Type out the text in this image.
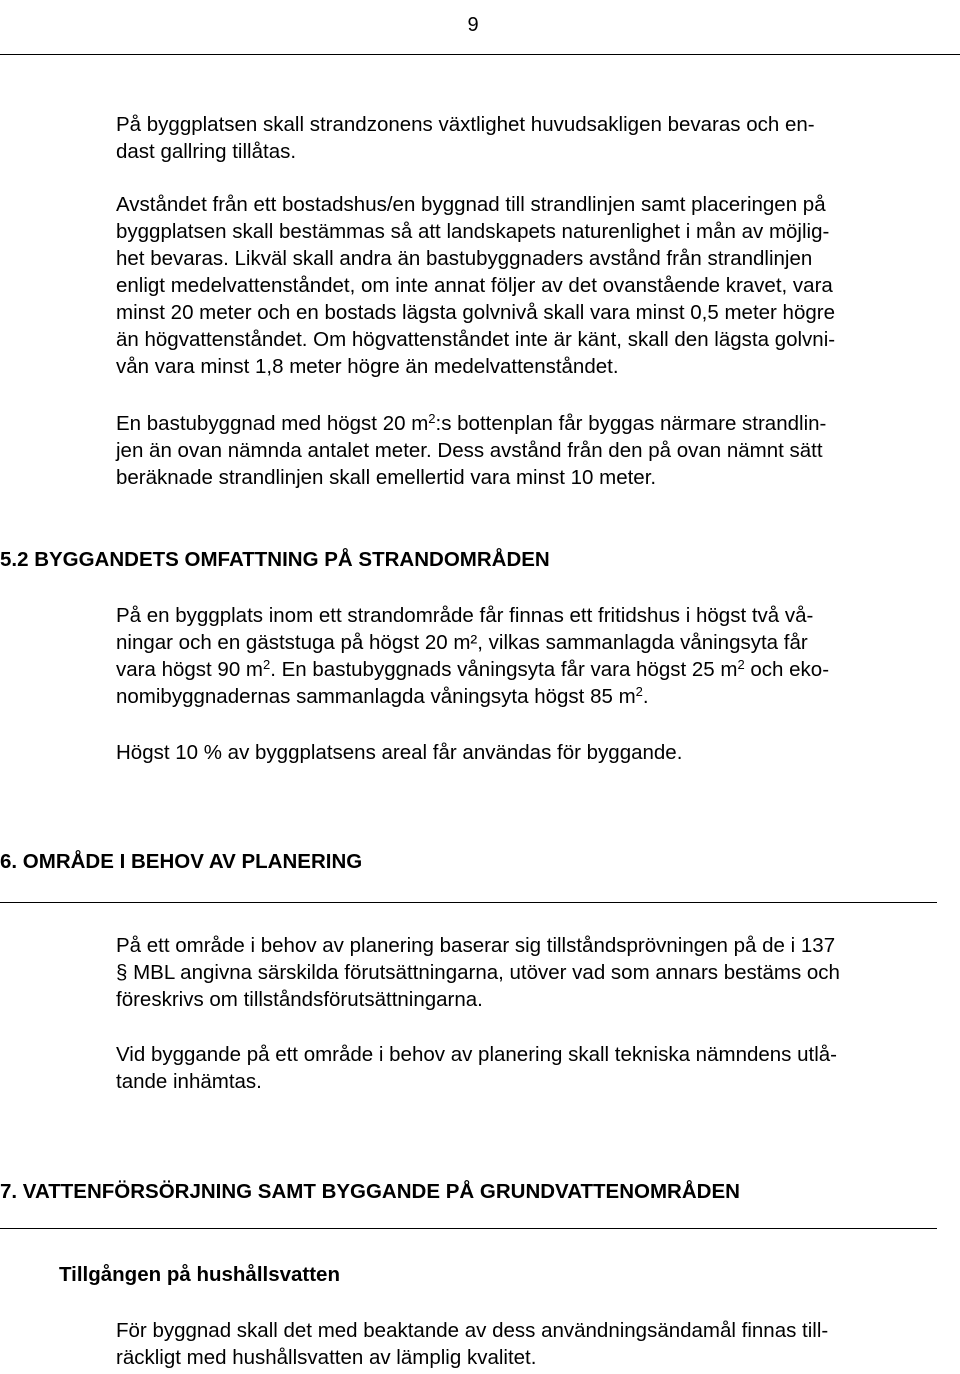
9
På byggplatsen skall strandzonens växtlighet huvudsakligen bevaras och en-
dast gallring tillåtas.
Avståndet från ett bostadshus/en byggnad till strandlinjen samt placeringen på
byggplatsen skall bestämmas så att landskapets naturenlighet i mån av möjlig-
het bevaras. Likväl skall andra än bastubyggnaders avstånd från strandlinjen
enligt medelvattenståndet, om inte annat följer av det ovanstående kravet, vara
minst 20 meter och en bostads lägsta golvnivå skall vara minst 0,5 meter högre
än högvattenståndet. Om högvattenståndet inte är känt, skall den lägsta golvni-
vån vara minst 1,8 meter högre än medelvattenståndet.
En bastubyggnad med högst 20 $m^2:s$ bottenplan får byggas närmare strandlin-
jen än ovan nämnda antalet meter. Dess avstånd från den på ovan nämnt sätt
beräknade strandlinjen skall emellertid vara minst 10 meter.
5.2 BYGGANDETS OMFATTNING PÅ STRANDOMRÅDEN
På en byggplats inom ett strandområde får finnas ett fritidshus i högst två vå-
ningar och en gäststuga på högst 20 m², vilkas sammanlagda våningsyta får
vara högst 90 $m^2$. En bastubyggnads våningsyta får vara högst 25 $m^2$ och eko-
nomibyggnadernas sammanlagda våningsyta högst 85 $m^2$.
Högst 10 % av byggplatsens areal får användas för byggande.
6. OMRÅDE I BEHOV AV PLANERING
På ett område i behov av planering baserar sig tillståndsprövningen på de i 137
§ MBL angivna särskilda förutsättningarna, utöver vad som annars bestäms och
föreskrivs om tillståndsförutsättningarna.
Vid byggande på ett område i behov av planering skall tekniska nämndens utlå-
tande inhämtas.
7. VATTENFÖRSÖRJNING SAMT BYGGANDE PÅ GRUNDVATTENOMRÅDEN
Tillgången på hushållsvatten
För byggnad skall det med beaktande av dess användningsändamål finnas till-
räckligt med hushållsvatten av lämplig kvalitet.
